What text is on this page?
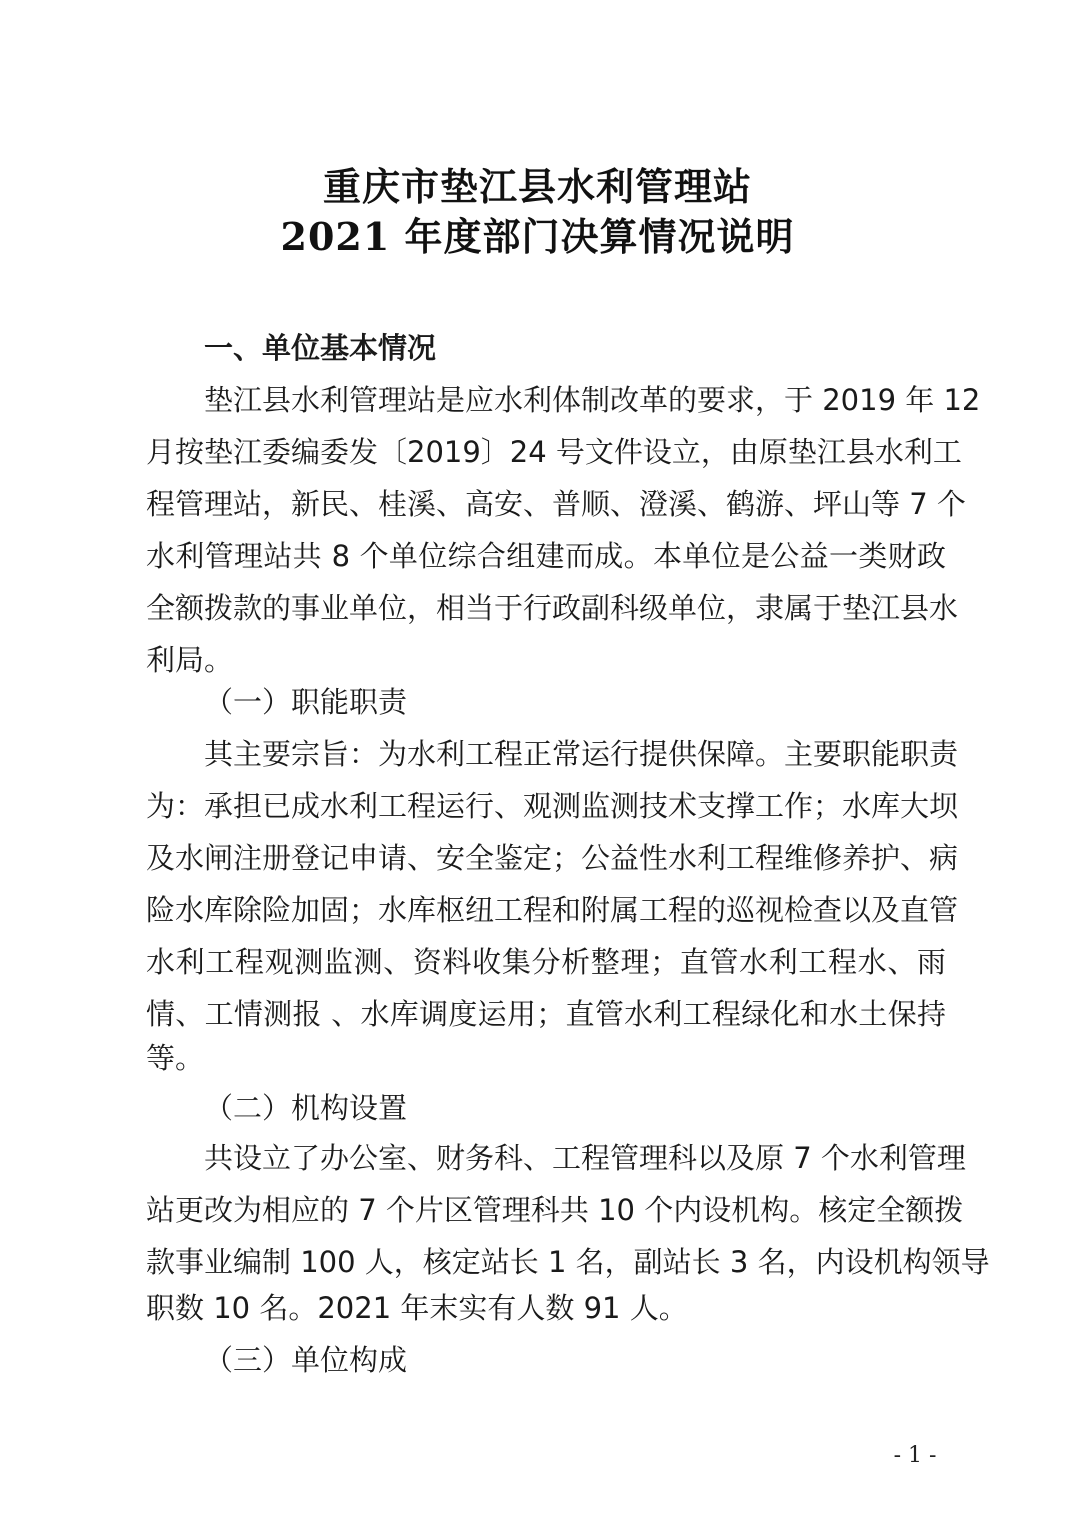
重庆市垫江县水利管理站
2021 年度部门决算情况说明
一、单位基本情况
垫江县水利管理站是应水利体制改革的要求，于 2019 年 12
月按垫江委编委发〔2019〕24 号文件设立，由原垫江县水利工
程管理站，新民、桂溪、高安、普顺、澄溪、鹤游、坪山等 7 个
水利管理站共 8 个单位综合组建而成。本单位是公益一类财政
全额拨款的事业单位，相当于行政副科级单位，隶属于垫江县水
利局。
（一）职能职责
其主要宗旨：为水利工程正常运行提供保障。主要职能职责
为：承担已成水利工程运行、观测监测技术支撑工作；水库大坝
及水闸注册登记申请、安全鉴定；公益性水利工程维修养护、病
险水库除险加固；水库枢纽工程和附属工程的巡视检查以及直管
水利工程观测监测、资料收集分析整理；直管水利工程水、雨
情、工情测报 、水库调度运用；直管水利工程绿化和水土保持
等。
（二）机构设置
共设立了办公室、财务科、工程管理科以及原 7 个水利管理
站更改为相应的 7 个片区管理科共 10 个内设机构。核定全额拨
款事业编制 100 人，核定站长 1 名，副站长 3 名，内设机构领导
职数 10 名。2021 年末实有人数 91 人。
（三）单位构成
- 1 -
